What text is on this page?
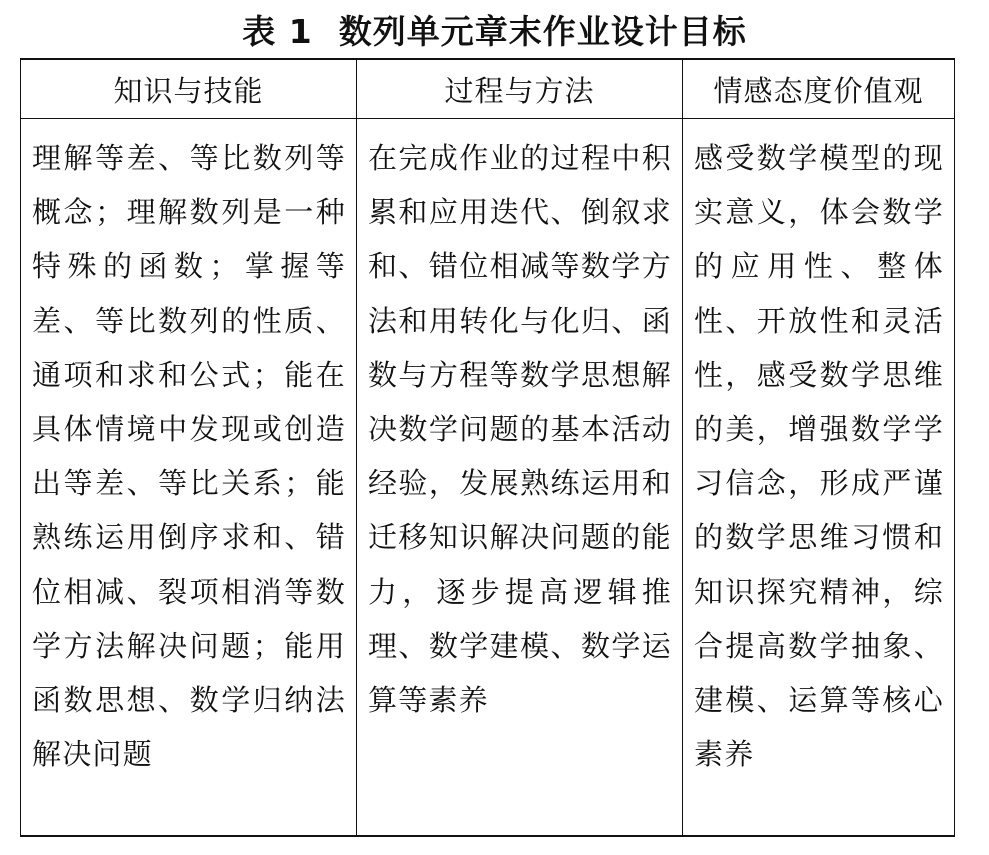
表 1 数列单元章末作业设计目标
知识与技能	过程与方法	情感态度价值观
理解等差、等比数列等概念；理解数列是一种特殊的函数；掌握等差、等比数列的性质、通项和求和公式；能在具体情境中发现或创造出等差、等比关系；能熟练运用倒序求和、错位相减、裂项相消等数学方法解决问题；能用函数思想、数学归纳法解决问题	在完成作业的过程中积累和应用迭代、倒叙求和、错位相减等数学方法和用转化与化归、函数与方程等数学思想解决数学问题的基本活动经验，发展熟练运用和迁移知识解决问题的能力，逐步提高逻辑推理、数学建模、数学运算等素养	感受数学模型的现实意义，体会数学的应用性、整体性、开放性和灵活性，感受数学思维的美，增强数学学习信念，形成严谨的数学思维习惯和知识探究精神，综合提高数学抽象、建模、运算等核心素养
